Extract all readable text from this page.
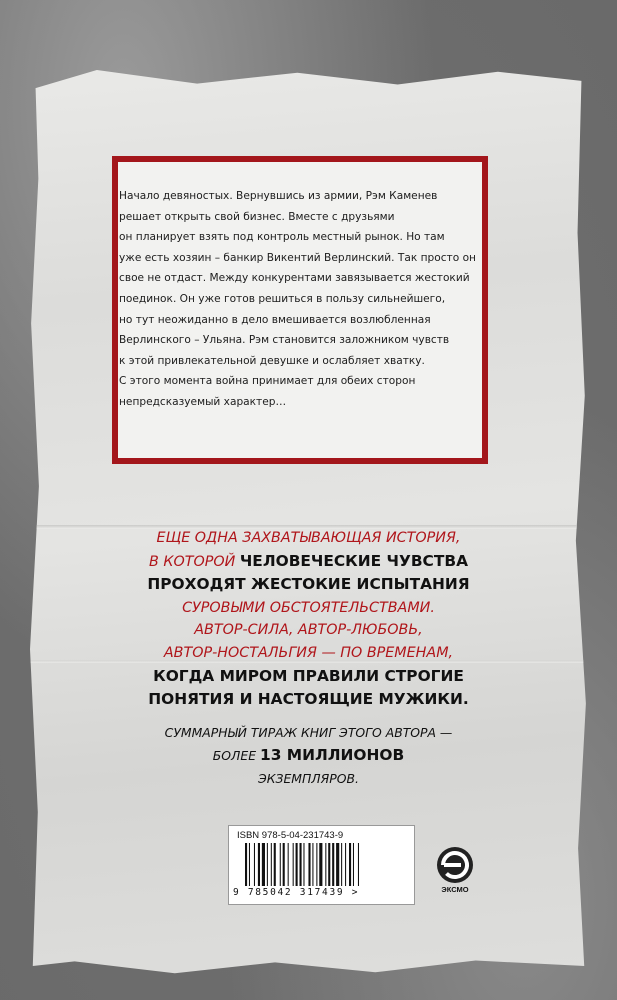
Начало девяностых. Вернувшись из армии, Рэм Каменев
решает открыть свой бизнес. Вместе с друзьями
он планирует взять под контроль местный рынок. Но там
уже есть хозяин – банкир Викентий Верлинский. Так просто он
свое не отдаст. Между конкурентами завязывается жестокий
поединок. Он уже готов решиться в пользу сильнейшего,
но тут неожиданно в дело вмешивается возлюбленная
Верлинского – Ульяна. Рэм становится заложником чувств
к этой привлекательной девушке и ослабляет хватку.
С этого момента война принимает для обеих сторон
непредсказуемый характер…
ЕЩЕ ОДНА ЗАХВАТЫВАЮЩАЯ ИСТОРИЯ,
В КОТОРОЙ ЧЕЛОВЕЧЕСКИЕ ЧУВСТВА
ПРОХОДЯТ ЖЕСТОКИЕ ИСПЫТАНИЯ
СУРОВЫМИ ОБСТОЯТЕЛЬСТВАМИ.
АВТОР-СИЛА, АВТОР-ЛЮБОВЬ,
АВТОР-НОСТАЛЬГИЯ — ПО ВРЕМЕНАМ,
КОГДА МИРОМ ПРАВИЛИ СТРОГИЕ
ПОНЯТИЯ И НАСТОЯЩИЕ МУЖИКИ.
СУММАРНЫЙ ТИРАЖ КНИГ ЭТОГО АВТОРА —
БОЛЕЕ 13 МИЛЛИОНОВ
ЭКЗЕМПЛЯРОВ.
ISBN 978-5-04-231743-9
9 785042 317439 >	ЭКСМО
